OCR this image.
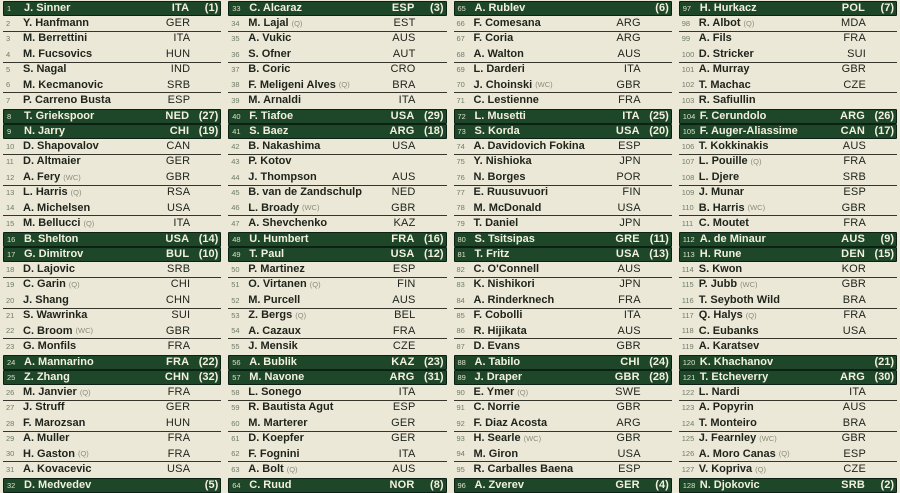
1	J. Sinner	ITA	(1)
2	Y. Hanfmann	GER
3	M. Berrettini	ITA
4	M. Fucsovics	HUN
5	S. Nagal	IND
6	M. Kecmanovic	SRB
7	P. Carreno Busta	ESP
8	T. Griekspoor	NED (27)
9	N. Jarry	CHI (19)
10 D. Shapovalov	CAN
11 D. Altmaier	GER
12 A. Fery (WC)	GBR
13 L. Harris (Q)	RSA
14 A. Michelsen	USA
15 M. Bellucci (Q)	ITA
16 B. Shelton	USA (14)
17 G. Dimitrov	BUL (10)
18 D. Lajovic	SRB
19 C. Garin (Q)	CHI
20 J. Shang	CHN
21 S. Wawrinka	SUI
22 C. Broom (WC)	GBR
23 G. Monfils	FRA
24 A. Mannarino	FRA (22)
25 Z. Zhang	CHN (32)
26 M. Janvier (Q)	FRA
27 J. Struff	GER
28 F. Marozsan	HUN
29 A. Muller	FRA
30 H. Gaston (Q)	FRA
31 A. Kovacevic	USA
32 D. Medvedev	(5)
33 C. Alcaraz	ESP	(3)
34 M. Lajal (Q)	EST
35 A. Vukic	AUS
36 S. Ofner	AUT
37 B. Coric	CRO
38 F. Meligeni Alves (Q)	BRA
39 M. Arnaldi	ITA
40 F. Tiafoe	USA (29)
41 S. Baez	ARG (18)
42 B. Nakashima	USA
43 P. Kotov
44 J. Thompson	AUS
45 B. van de Zandschulp	NED
46 L. Broady (WC)	GBR
47 A. Shevchenko	KAZ
48 U. Humbert	FRA (16)
49 T. Paul	USA (12)
50 P. Martinez	ESP
51 O. Virtanen (Q)	FIN
52 M. Purcell	AUS
53 Z. Bergs (Q)	BEL
54 A. Cazaux	FRA
55 J. Mensik	CZE
56 A. Bublik	KAZ (23)
57 M. Navone	ARG (31)
58 L. Sonego	ITA
59 R. Bautista Agut	ESP
60 M. Marterer	GER
61 D. Koepfer	GER
62 F. Fognini	ITA
63 A. Bolt (Q)	AUS
64 C. Ruud	NOR	(8)
65 A. Rublev	(6)
66 F. Comesana	ARG
67 F. Coria	ARG
68 A. Walton	AUS
69 L. Darderi	ITA
70 J. Choinski (WC)	GBR
71 C. Lestienne	FRA
72 L. Musetti	ITA (25)
73 S. Korda	USA (20)
74 A. Davidovich Fokina	ESP
75 Y. Nishioka	JPN
76 N. Borges	POR
77 E. Ruusuvuori	FIN
78 M. McDonald	USA
79 T. Daniel	JPN
80 S. Tsitsipas	GRE (11)
81 T. Fritz	USA (13)
82 C. O'Connell	AUS
83 K. Nishikori	JPN
84 A. Rinderknech	FRA
85 F. Cobolli	ITA
86 R. Hijikata	AUS
87 D. Evans	GBR
88 A. Tabilo	CHI (24)
89 J. Draper	GBR (28)
90 E. Ymer (Q)	SWE
91 C. Norrie	GBR
92 F. Diaz Acosta	ARG
93 H. Searle (WC)	GBR
94 M. Giron	USA
95 R. Carballes Baena	ESP
96 A. Zverev	GER	(4)
97 H. Hurkacz	POL	(7)
98 R. Albot (Q)	MDA
99 A. Fils	FRA
100 D. Stricker	SUI
101 A. Murray	GBR
102 T. Machac	CZE
103 R. Safiullin
104 F. Cerundolo	ARG (26)
105 F. Auger-Aliassime	CAN (17)
106 T. Kokkinakis	AUS
107 L. Pouille (Q)	FRA
108 L. Djere	SRB
109 J. Munar	ESP
110 B. Harris (WC)	GBR
111 C. Moutet	FRA
112 A. de Minaur	AUS	(9)
113 H. Rune	DEN (15)
114 S. Kwon	KOR
115 P. Jubb (WC)	GBR
116 T. Seyboth Wild	BRA
117 Q. Halys (Q)	FRA
118 C. Eubanks	USA
119 A. Karatsev
120 K. Khachanov	(21)
121 T. Etcheverry	ARG (30)
122 L. Nardi	ITA
123 A. Popyrin	AUS
124 T. Monteiro	BRA
125 J. Fearnley (WC)	GBR
126 A. Moro Canas (Q)	ESP
127 V. Kopriva (Q)	CZE
128 N. Djokovic	SRB	(2)
